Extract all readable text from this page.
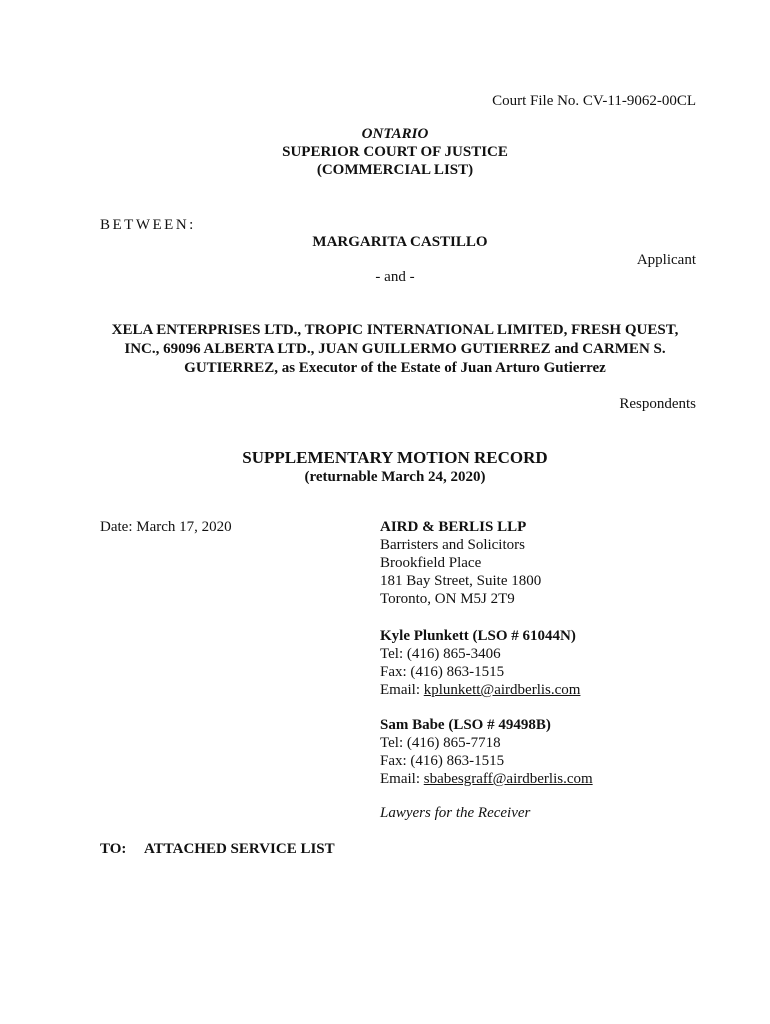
Court File No. CV-11-9062-00CL
ONTARIO
SUPERIOR COURT OF JUSTICE
(COMMERCIAL LIST)
BETWEEN:
MARGARITA CASTILLO
Applicant
- and -
XELA ENTERPRISES LTD., TROPIC INTERNATIONAL LIMITED, FRESH QUEST,
INC., 69096 ALBERTA LTD., JUAN GUILLERMO GUTIERREZ and CARMEN S.
GUTIERREZ, as Executor of the Estate of Juan Arturo Gutierrez
Respondents
SUPPLEMENTARY MOTION RECORD
(returnable March 24, 2020)
Date: March 17, 2020	AIRD & BERLIS LLP
Barristers and Solicitors
Brookfield Place
181 Bay Street, Suite 1800
Toronto, ON M5J 2T9
Kyle Plunkett (LSO # 61044N)
Tel: (416) 865-3406
Fax: (416) 863-1515
Email: kplunkett@airdberlis.com
Sam Babe (LSO # 49498B)
Tel: (416) 865-7718
Fax: (416) 863-1515
Email: sbabesgraff@airdberlis.com
Lawyers for the Receiver
TO: ATTACHED SERVICE LIST
